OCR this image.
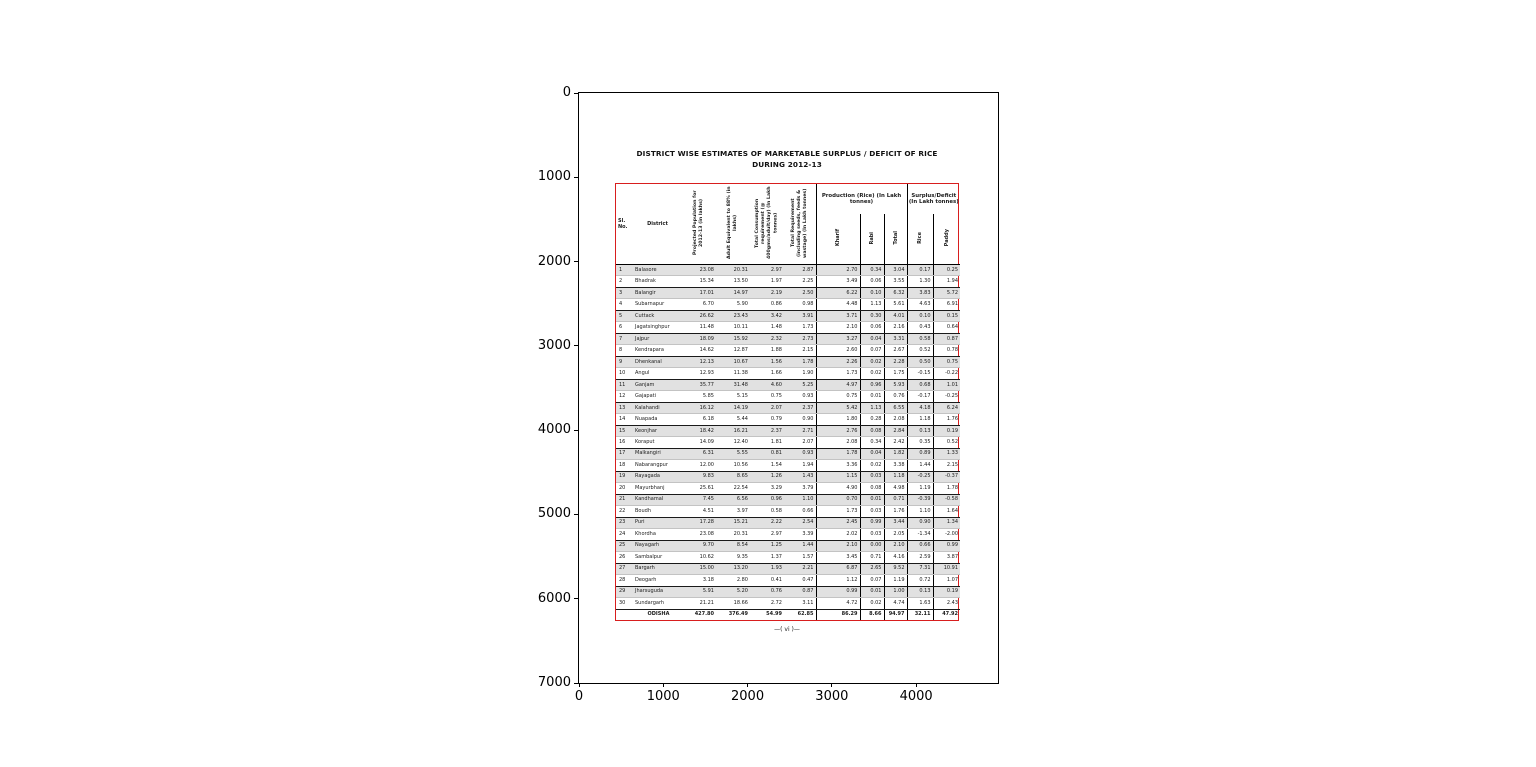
DISTRICT WISE ESTIMATES OF MARKETABLE SURPLUS / DEFICIT OF RICE
DURING 2012-13
Sl. No.	District	Projected Population for 2012-13 (in lakhs)	Adult Equivalent to 88% (in lakhs)	Total Consumption requirement (@ 400gms/adult/day) (In Lakh tonnes)	Total Requirement (including seeds, feeds & wastage) (In Lakh tonnes)	Production (Rice) (In Lakh tonnes)			Surplus/Deficit (In Lakh tonnes)	
						Kharif	Rabi	Total	Rice	Paddy
1	Balasore	23.08	20.31	2.97	2.87	2.70	0.34	3.04	0.17	0.25
2	Bhadrak	15.34	13.50	1.97	2.25	3.49	0.06	3.55	1.30	1.94
3	Balangir	17.01	14.97	2.19	2.50	6.22	0.10	6.32	3.83	5.72
4	Subarnapur	6.70	5.90	0.86	0.98	4.48	1.13	5.61	4.63	6.91
5	Cuttack	26.62	23.43	3.42	3.91	3.71	0.30	4.01	0.10	0.15
6	Jagatsinghpur	11.48	10.11	1.48	1.73	2.10	0.06	2.16	0.43	0.64
7	Jajpur	18.09	15.92	2.32	2.73	3.27	0.04	3.31	0.58	0.87
8	Kendrapara	14.62	12.87	1.88	2.15	2.60	0.07	2.67	0.52	0.78
9	Dhenkanal	12.13	10.67	1.56	1.78	2.26	0.02	2.28	0.50	0.75
10	Angul	12.93	11.38	1.66	1.90	1.73	0.02	1.75	-0.15	-0.22
11	Ganjam	35.77	31.48	4.60	5.25	4.97	0.96	5.93	0.68	1.01
12	Gajapati	5.85	5.15	0.75	0.93	0.75	0.01	0.76	-0.17	-0.25
13	Kalahandi	16.12	14.19	2.07	2.37	5.42	1.13	6.55	4.18	6.24
14	Nuapada	6.18	5.44	0.79	0.90	1.80	0.28	2.08	1.18	1.76
15	Keonjhar	18.42	16.21	2.37	2.71	2.76	0.08	2.84	0.13	0.19
16	Koraput	14.09	12.40	1.81	2.07	2.08	0.34	2.42	0.35	0.52
17	Malkangiri	6.31	5.55	0.81	0.93	1.78	0.04	1.82	0.89	1.33
18	Nabarangpur	12.00	10.56	1.54	1.94	3.36	0.02	3.38	1.44	2.15
19	Rayagada	9.83	8.65	1.26	1.43	1.15	0.03	1.18	-0.25	-0.37
20	Mayurbhanj	25.61	22.54	3.29	3.79	4.90	0.08	4.98	1.19	1.78
21	Kandhamal	7.45	6.56	0.96	1.10	0.70	0.01	0.71	-0.39	-0.58
22	Boudh	4.51	3.97	0.58	0.66	1.73	0.03	1.76	1.10	1.64
23	Puri	17.28	15.21	2.22	2.54	2.45	0.99	3.44	0.90	1.34
24	Khordha	23.08	20.31	2.97	3.39	2.02	0.03	2.05	-1.34	-2.00
25	Nayagarh	9.70	8.54	1.25	1.44	2.10	0.00	2.10	0.66	0.99
26	Sambalpur	10.62	9.35	1.37	1.57	3.45	0.71	4.16	2.59	3.87
27	Bargarh	15.00	13.20	1.93	2.21	6.87	2.65	9.52	7.31	10.91
28	Deogarh	3.18	2.80	0.41	0.47	1.12	0.07	1.19	0.72	1.07
29	Jharsuguda	5.91	5.20	0.76	0.87	0.99	0.01	1.00	0.13	0.19
30	Sundargarh	21.21	18.66	2.72	3.11	4.72	0.02	4.74	1.63	2.43
	ODISHA	427.80	376.49	54.99	62.85	86.29	8.66	94.97	32.11	47.92
—( vi )—
0
1000
2000
3000
4000
5000
6000
7000
0	1000	2000	3000	4000
